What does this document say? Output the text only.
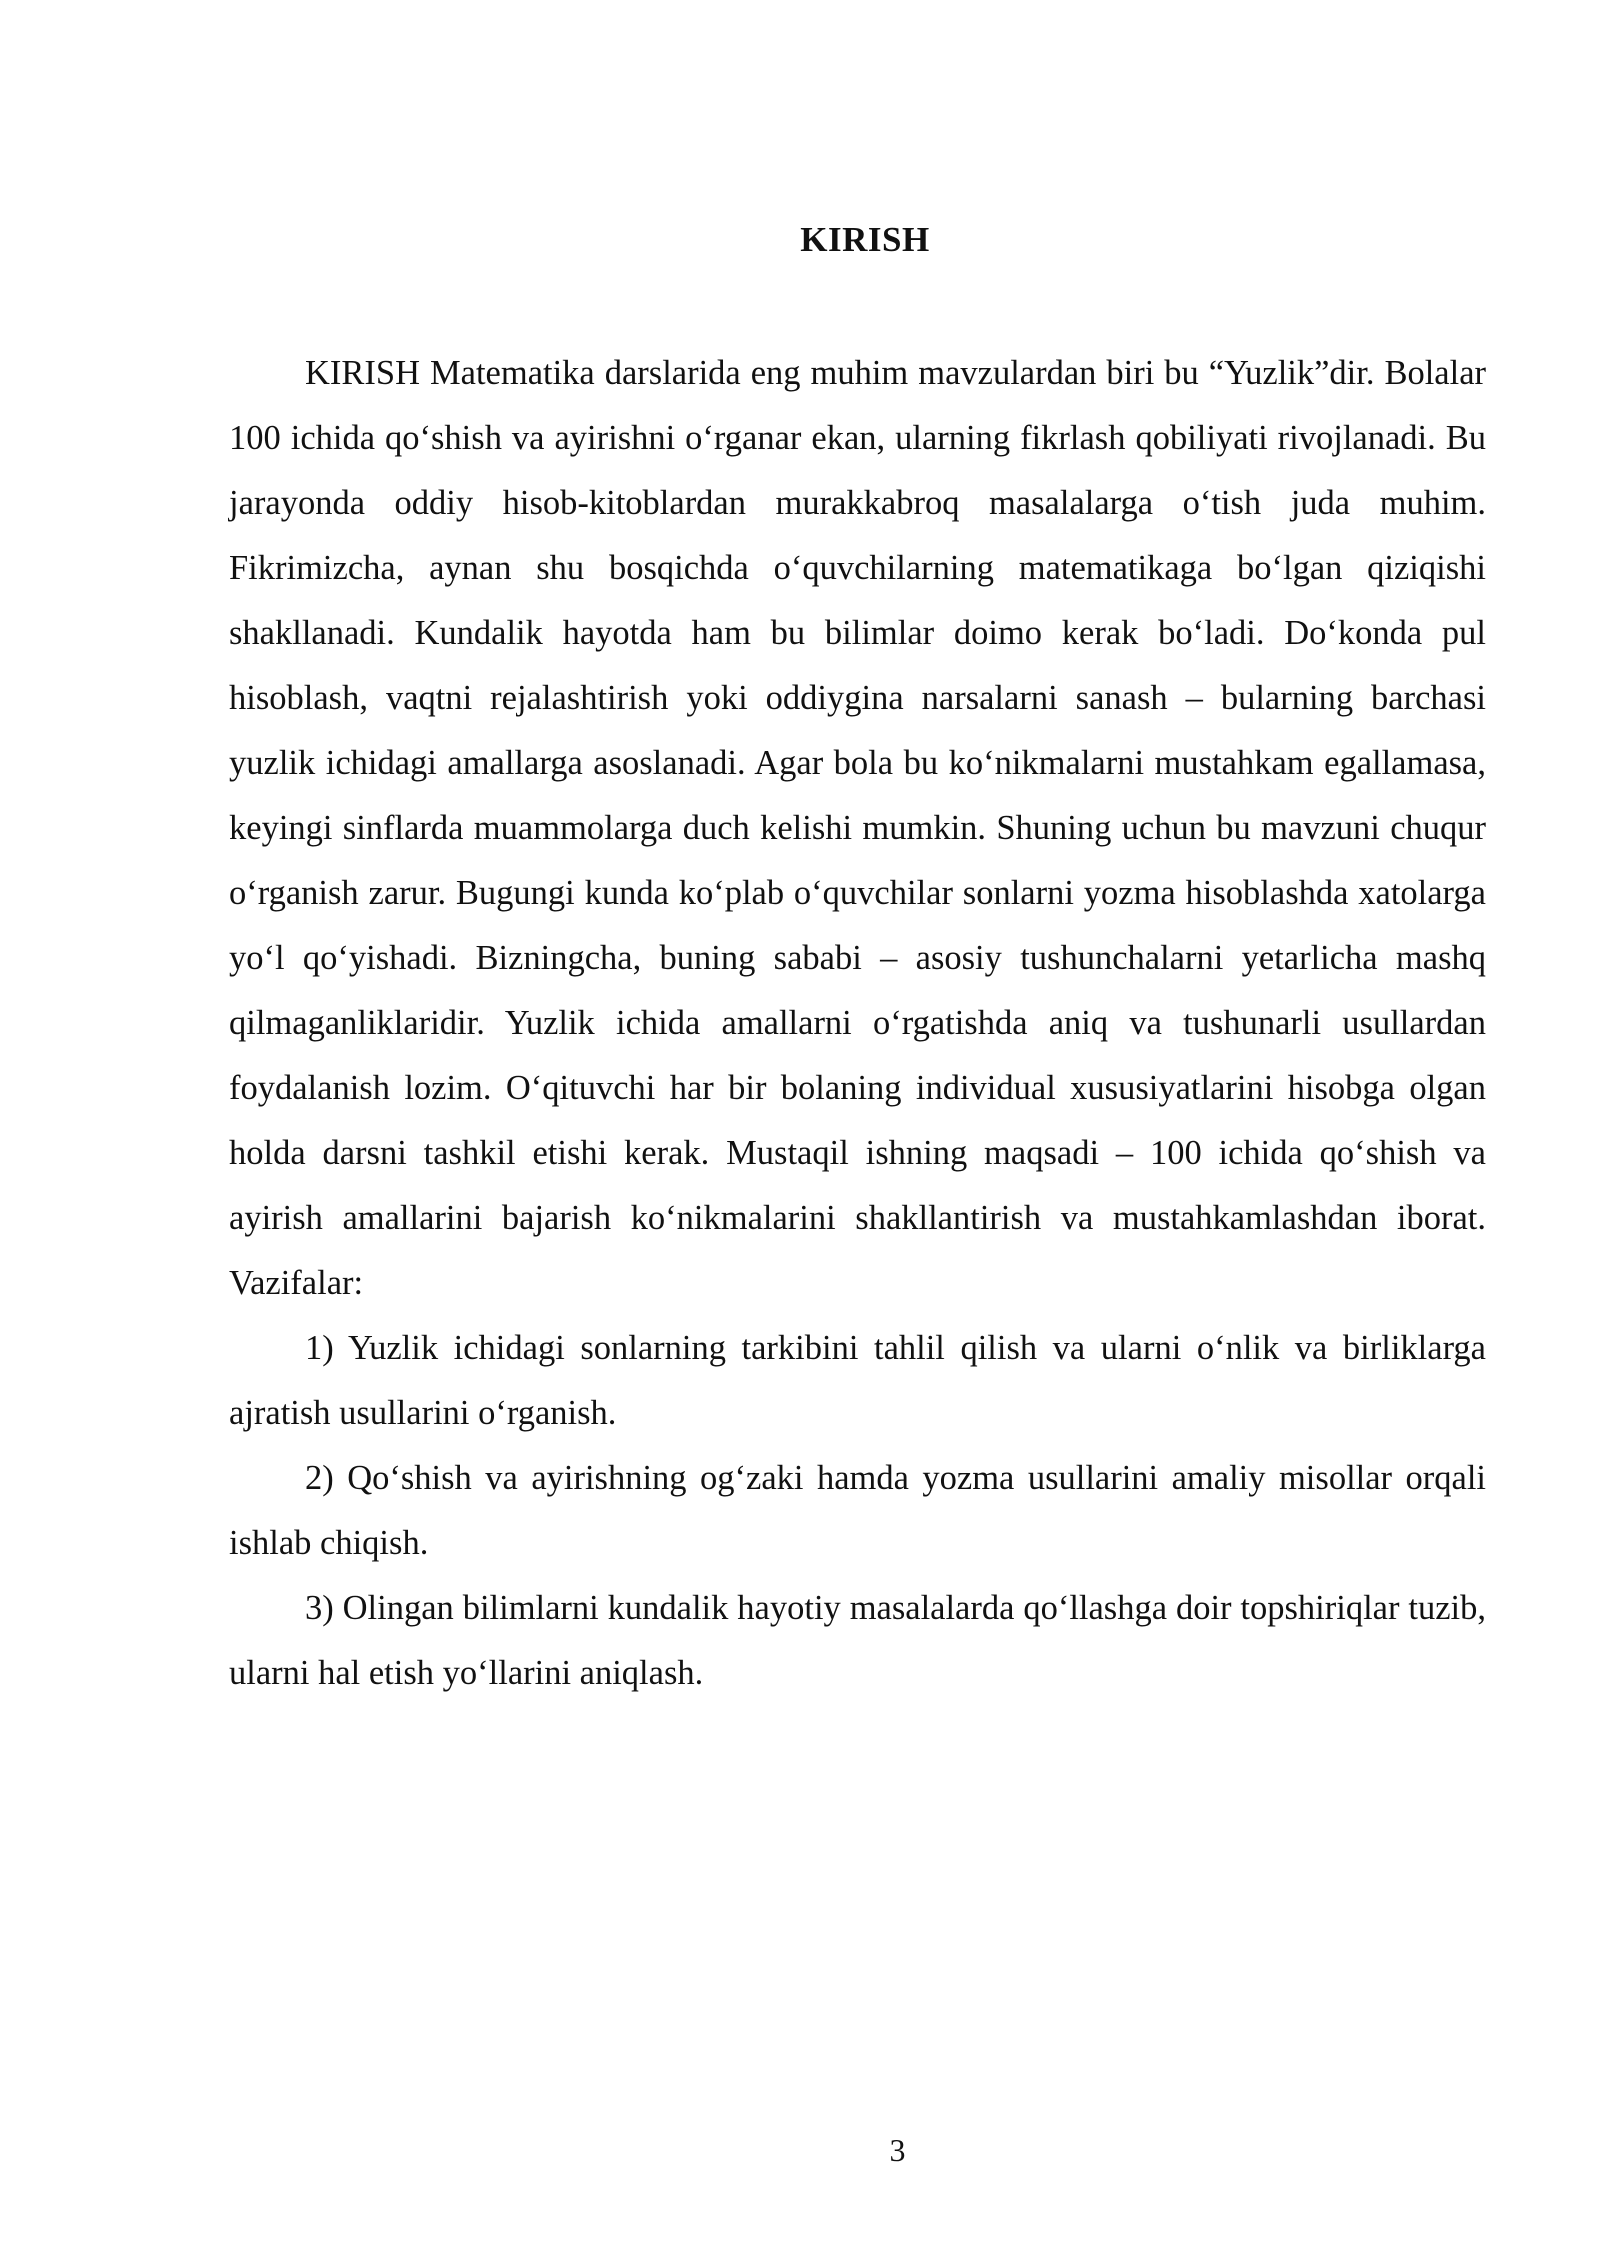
KIRISH

KIRISH Matematika darslarida eng muhim mavzulardan biri bu “Yuzlik”dir. Bolalar 100 ichida qo‘shish va ayirishni o‘rganar ekan, ularning fikrlash qobiliyati rivojlanadi. Bu jarayonda oddiy hisob-kitoblardan murakkabroq masalalarga o‘tish juda muhim. Fikrimizcha, aynan shu bosqichda o‘quvchilarning matematikaga bo‘lgan qiziqishi shakllanadi. Kundalik hayotda ham bu bilimlar doimo kerak bo‘ladi. Do‘konda pul hisoblash, vaqtni rejalashtirish yoki oddiygina narsalarni sanash – bularning barchasi yuzlik ichidagi amallarga asoslanadi. Agar bola bu ko‘nikmalarni mustahkam egallamasa, keyingi sinflarda muammolarga duch kelishi mumkin. Shuning uchun bu mavzuni chuqur o‘rganish zarur. Bugungi kunda ko‘plab o‘quvchilar sonlarni yozma hisoblashda xatolarga yo‘l qo‘yishadi. Bizningcha, buning sababi – asosiy tushunchalarni yetarlicha mashq qilmaganliklaridir. Yuzlik ichida amallarni o‘rgatishda aniq va tushunarli usullardan foydalanish lozim. O‘qituvchi har bir bolaning individual xususiyatlarini hisobga olgan holda darsni tashkil etishi kerak. Mustaqil ishning maqsadi – 100 ichida qo‘shish va ayirish amallarini bajarish ko‘nikmalarini shakllantirish va mustahkamlashdan iborat. Vazifalar:

1) Yuzlik ichidagi sonlarning tarkibini tahlil qilish va ularni o‘nlik va birliklarga ajratish usullarini o‘rganish.

2) Qo‘shish va ayirishning og‘zaki hamda yozma usullarini amaliy misollar orqali ishlab chiqish.

3) Olingan bilimlarni kundalik hayotiy masalalarda qo‘llashga doir topshiriqlar tuzib, ularni hal etish yo‘llarini aniqlash.

3
